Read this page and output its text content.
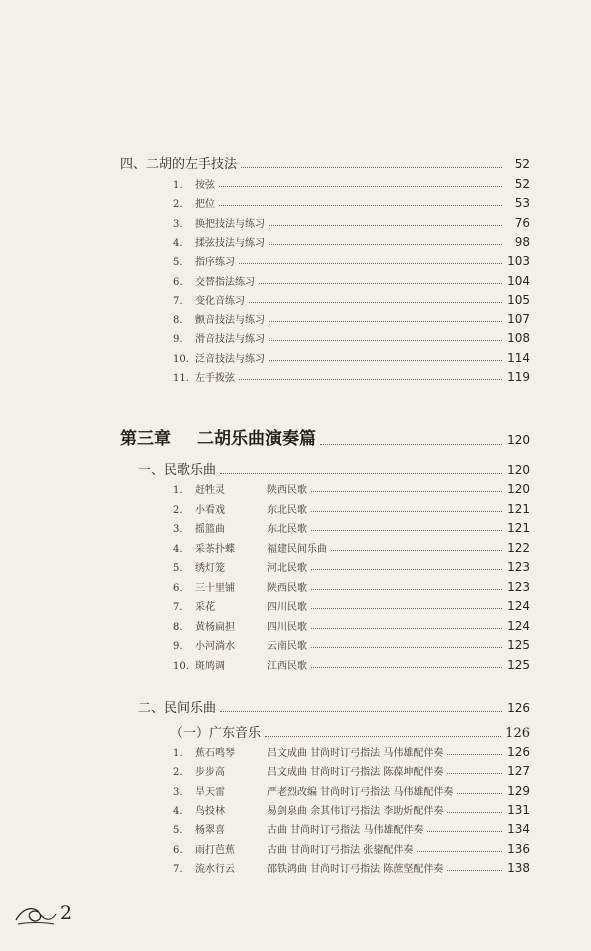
四、二胡的左手技法	52
1.	按弦	52
2.	把位	53
3.	换把技法与练习	76
4.	揉弦技法与练习	98
5.	指序练习	103
6.	交替指法练习	104
7.	变化音练习	105
8.	颤音技法与练习	107
9.	滑音技法与练习	108
10. 泛音技法与练习	114
11. 左手拨弦	119
第三章 二胡乐曲演奏篇	120
一、民歌乐曲	120
1.	赶牲灵	陕西民歌	120
2.	小看戏	东北民歌	121
3.	摇篮曲	东北民歌	121
4.	采茶扑蝶	福建民间乐曲	122
5.	绣灯笼	河北民歌	123
6.	三十里铺	陕西民歌	123
7.	采花	四川民歌	124
8.	黄杨扁担	四川民歌	124
9.	小河淌水	云南民歌	125
10. 斑鸠调	江西民歌	125
二、民间乐曲	126
（一）广东音乐	126
1.	蕉石鸣琴	吕文成曲 甘尚时订弓指法 马伟雄配伴奏	126
2.	步步高	吕文成曲 甘尚时订弓指法 陈葆坤配伴奏	127
3.	旱天雷	严老烈改编 甘尚时订弓指法 马伟雄配伴奏	129
4.	鸟投林	易剑泉曲 余其伟订弓指法 李助炘配伴奏	131
5.	杨翠喜	古曲 甘尚时订弓指法 马伟雄配伴奏	134
6.	雨打芭蕉	古曲 甘尚时订弓指法 张鋆配伴奏	136
7.	流水行云	邵铁鸿曲 甘尚时订弓指法 陈蔗坚配伴奏	138
2
